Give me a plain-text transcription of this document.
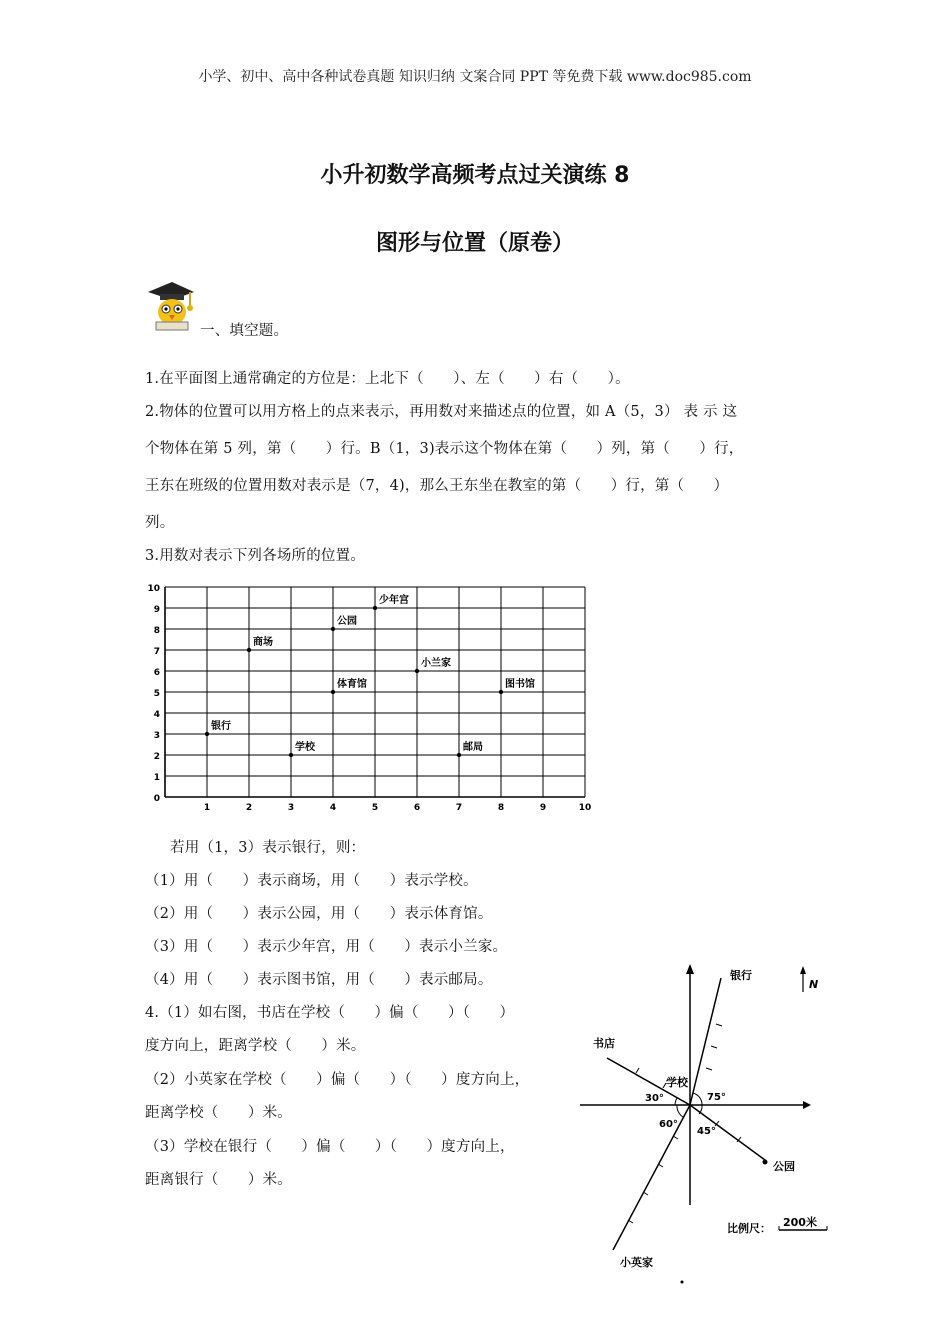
小学、初中、高中各种试卷真题 知识归纳 文案合同 PPT 等免费下载 www.doc985.com
小升初数学高频考点过关演练 8
图形与位置（原卷）
一、填空题。
1.在平面图上通常确定的方位是：上北下（　　）、左（　　）右（　　）。
2.物体的位置可以用方格上的点来表示，再用数对来描述点的位置，如 A（5，3） 表 示 这
个物体在第 5 列，第（　　）行。B（1，3)表示这个物体在第（　　）列，第（　　）行，
王东在班级的位置用数对表示是（7，4)，那么王东坐在教室的第（　　）行，第（　　）
列。
3.用数对表示下列各场所的位置。
0
1
2
3
4
5
6
7
8
9
10
1	2	3	4	5	6	7	8	9	10
银行
学校
商场
公园
体育馆
少年宫
小兰家
邮局
图书馆
若用（1，3）表示银行，则：
（1）用（　　）表示商场，用（　　）表示学校。
（2）用（　　）表示公园，用（　　）表示体育馆。
（3）用（　　）表示少年宫，用（　　）表示小兰家。
（4）用（　　）表示图书馆，用（　　）表示邮局。
4.（1）如右图，书店在学校（　　）偏（　　）（　　）
度方向上，距离学校（　　）米。
（2）小英家在学校（　　）偏（　　）（　　）度方向上，
距离学校（　　）米。
（3）学校在银行（　　）偏（　　）（　　）度方向上，
距离银行（　　）米。
银行
书店
学校
公园
小英家
30°
60°
75°
45°
N
比例尺： 200米
